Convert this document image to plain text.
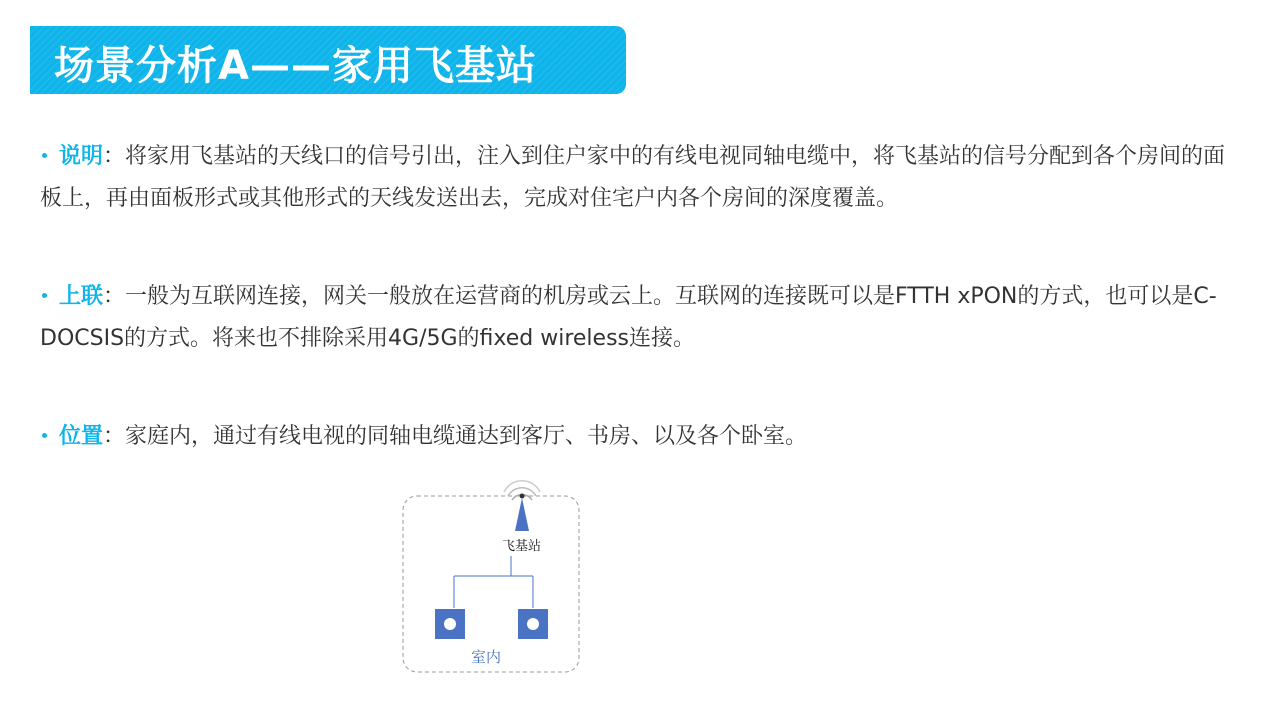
场景分析A——家用飞基站
说明：将家用飞基站的天线口的信号引出，注入到住户家中的有线电视同轴电缆中，将飞基站的信号分配到各个房间的面板上，再由面板形式或其他形式的天线发送出去，完成对住宅户内各个房间的深度覆盖。
上联：一般为互联网连接，网关一般放在运营商的机房或云上。互联网的连接既可以是FTTH xPON的方式，也可以是C-DOCSIS的方式。将来也不排除采用4G/5G的fixed wireless连接。
位置：家庭内，通过有线电视的同轴电缆通达到客厅、书房、以及各个卧室。
飞基站
室内
